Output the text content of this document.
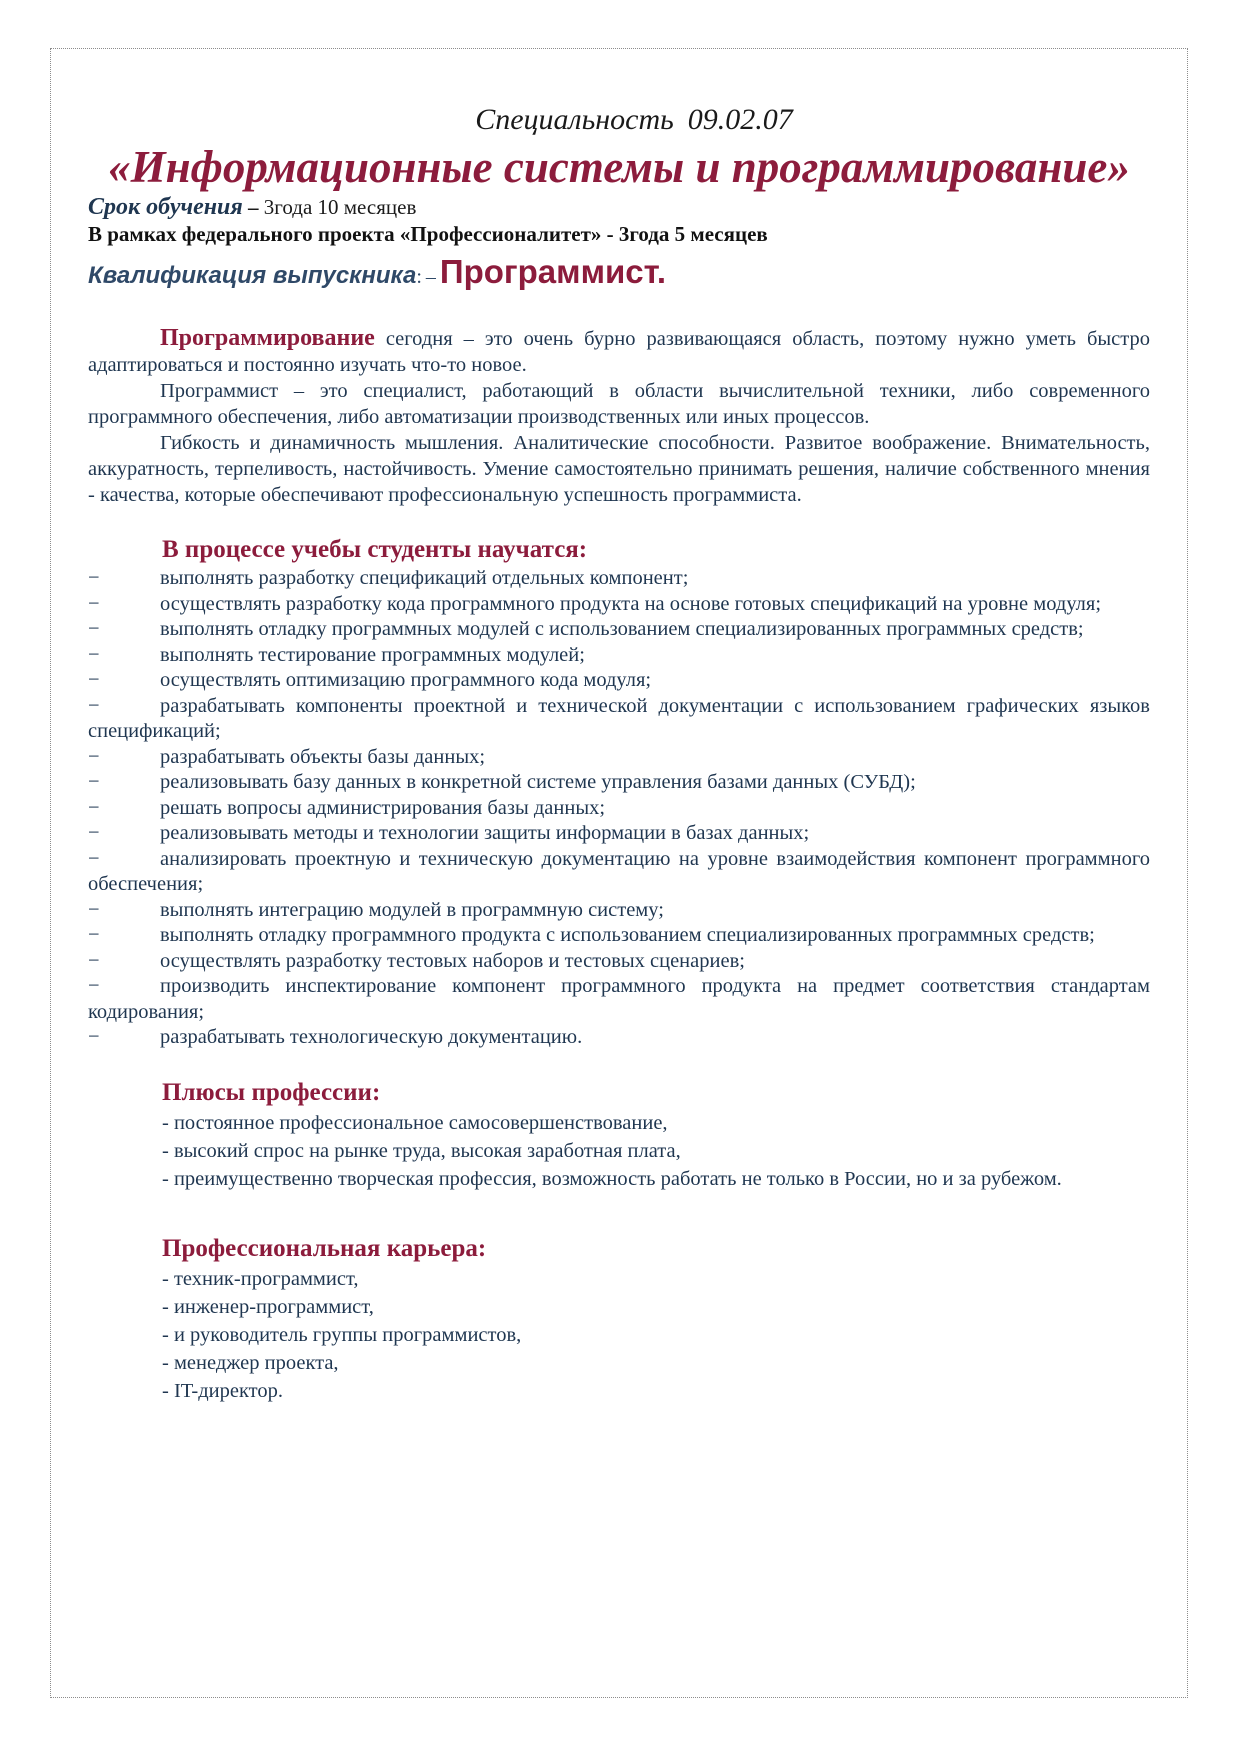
Специальность 09.02.07
«Информационные системы и программирование»
Срок обучения – 3года 10 месяцев
В рамках федерального проекта «Профессионалитет» - 3года 5 месяцев
Квалификация выпускника: – Программист.

Программирование сегодня – это очень бурно развивающаяся область, поэтому нужно уметь быстро адаптироваться и постоянно изучать что-то новое.

Программист – это специалист, работающий в области вычислительной техники, либо современного программного обеспечения, либо автоматизации производственных или иных процессов.

Гибкость и динамичность мышления. Аналитические способности. Развитое воображение. Внимательность, аккуратность, терпеливость, настойчивость. Умение самостоятельно принимать решения, наличие собственного мнения - качества, которые обеспечивают профессиональную успешность программиста.

В процессе учебы студенты научатся:
−	выполнять разработку спецификаций отдельных компонент;
−	осуществлять разработку кода программного продукта на основе готовых спецификаций на уровне модуля;
−	выполнять отладку программных модулей с использованием специализированных программных средств;
−	выполнять тестирование программных модулей;
−	осуществлять оптимизацию программного кода модуля;
−	разрабатывать компоненты проектной и технической документации с использованием графических языков спецификаций;
−	разрабатывать объекты базы данных;
−	реализовывать базу данных в конкретной системе управления базами данных (СУБД);
−	решать вопросы администрирования базы данных;
−	реализовывать методы и технологии защиты информации в базах данных;
−	анализировать проектную и техническую документацию на уровне взаимодействия компонент программного обеспечения;
−	выполнять интеграцию модулей в программную систему;
−	выполнять отладку программного продукта с использованием специализированных программных средств;
−	осуществлять разработку тестовых наборов и тестовых сценариев;
−	производить инспектирование компонент программного продукта на предмет соответствия стандартам кодирования;
−	разрабатывать технологическую документацию.
Плюсы профессии:
- постоянное профессиональное самосовершенствование,
- высокий спрос на рынке труда, высокая заработная плата,
- преимущественно творческая профессия, возможность работать не только в России, но и за рубежом.
Профессиональная карьера:
- техник-программист,
- инженер-программист,
- и руководитель группы программистов,
- менеджер проекта,
- IT-директор.
